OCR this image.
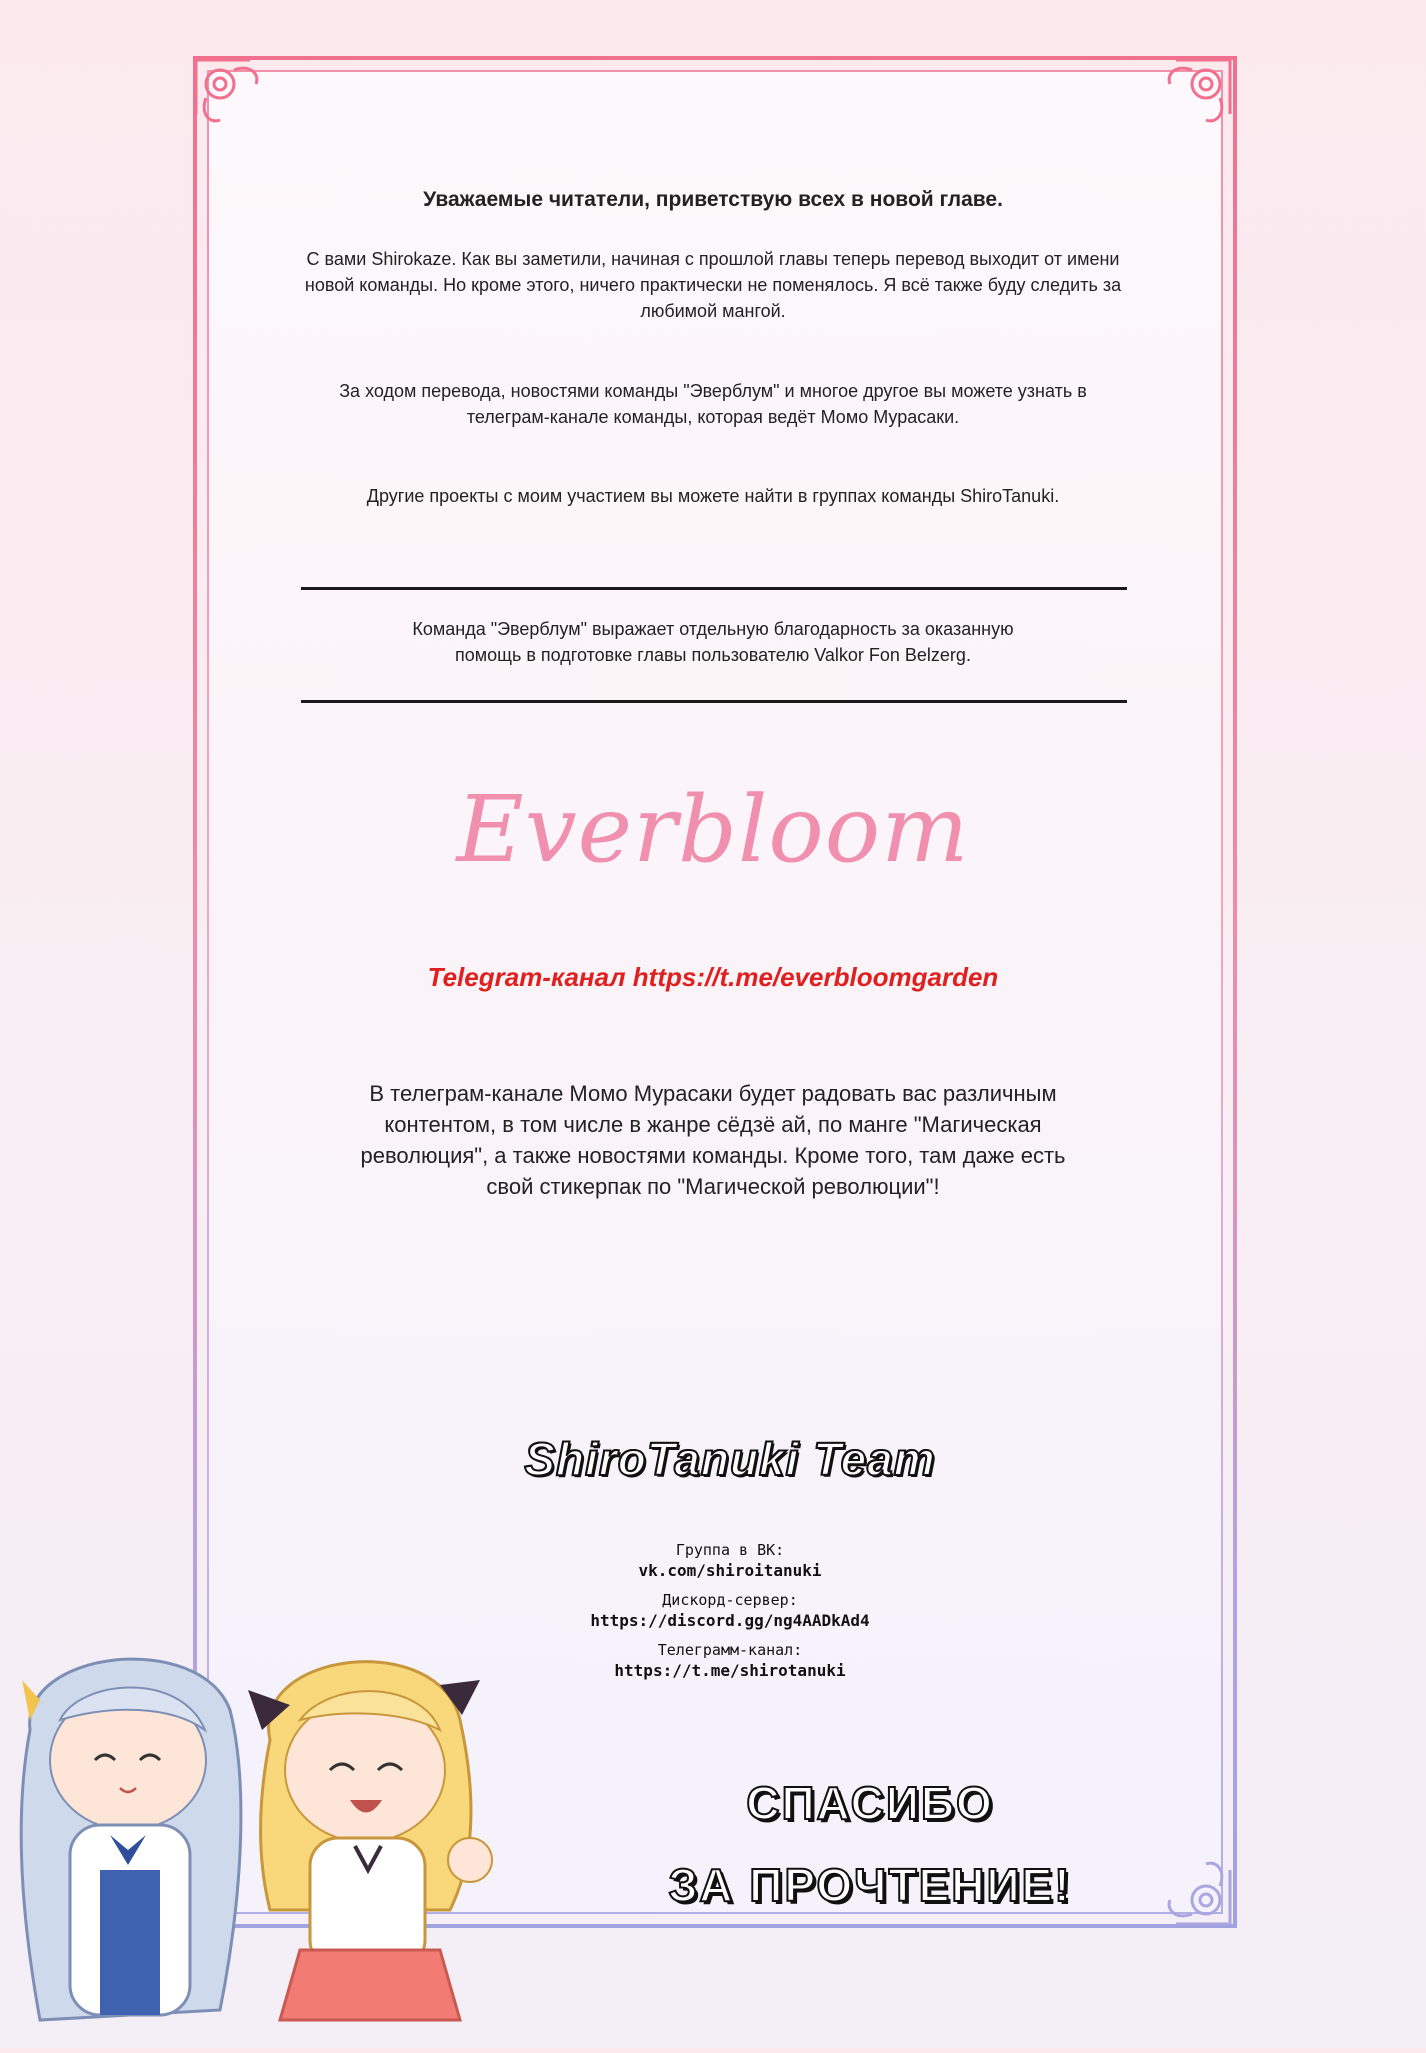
Уважаемые читатели, приветствую всех в новой главе.
С вами Shirokaze. Как вы заметили, начиная с прошлой главы теперь перевод выходит от имени
новой команды. Но кроме этого, ничего практически не поменялось. Я всё также буду следить за
любимой мангой.
За ходом перевода, новостями команды "Эверблум" и многое другое вы можете узнать в
телеграм-канале команды, которая ведёт Момо Мурасаки.
Другие проекты с моим участием вы можете найти в группах команды ShiroTanuki.
Команда "Эверблум" выражает отдельную благодарность за оказанную
помощь в подготовке главы пользователю Valkor Fon Belzerg.
Everbloom
Telegram-канал https://t.me/everbloomgarden
В телеграм-канале Момо Мурасаки будет радовать вас различным
контентом, в том числе в жанре сёдзё ай, по манге "Магическая
революция", а также новостями команды. Кроме того, там даже есть
свой стикерпак по "Магической революции"!
ShiroTanuki Team
Группа в ВК:
vk.com/shiroitanuki
Дискорд-сервер:
https://discord.gg/ng4AADkAd4
Телеграмм-канал:
https://t.me/shirotanuki
СПАСИБО
ЗА ПРОЧТЕНИЕ!
